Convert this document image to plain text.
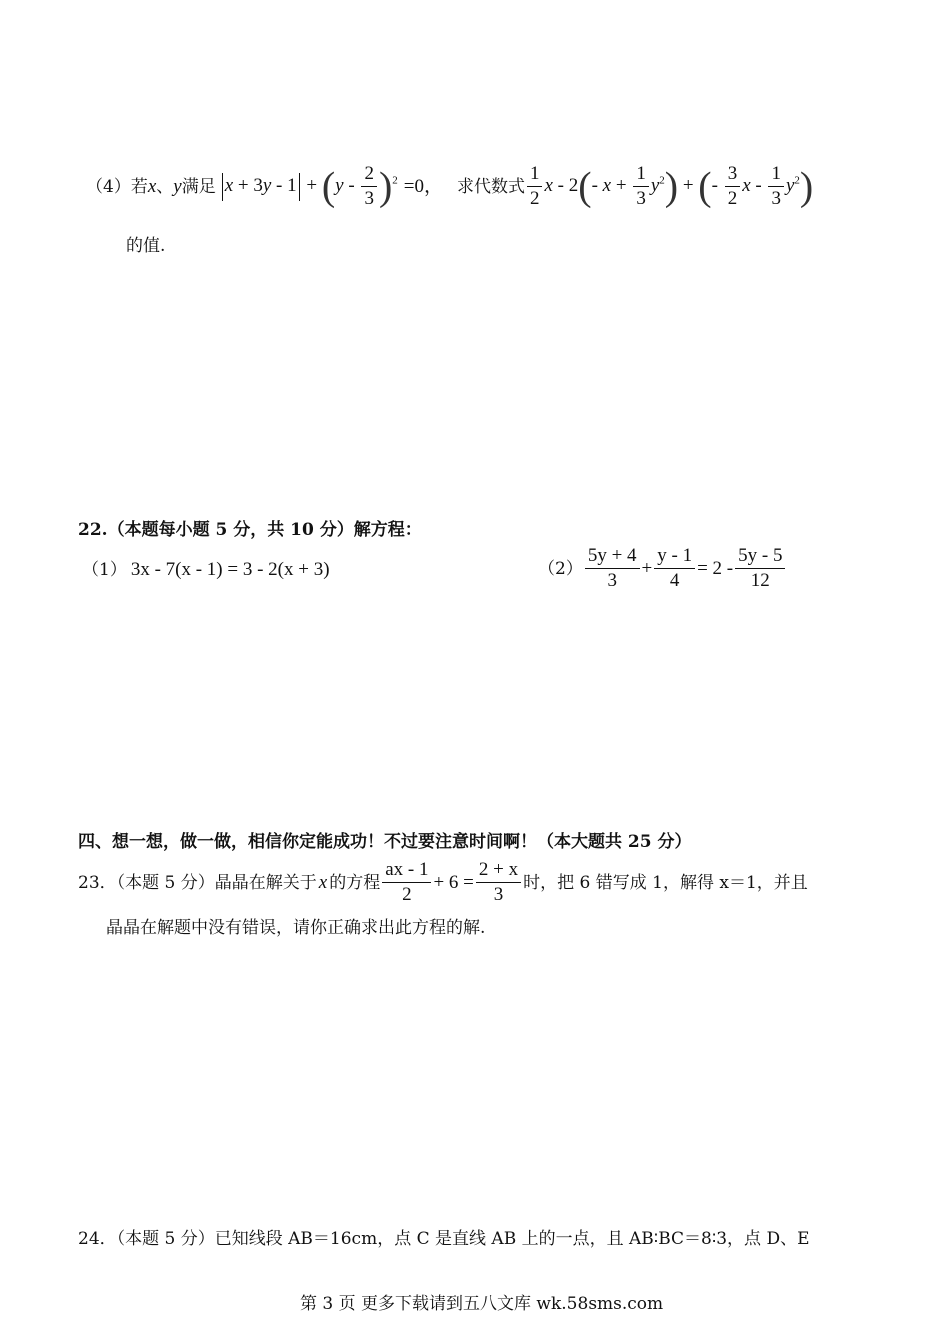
（4）若 x 、 y 满足 $x + 3y - 1 + (y - \frac{2}{3} )^2 =0$， 求代数式 $\frac{1}{2}$ x - 2(- $x + \frac{1}{3} y^2$) + (- $\frac{3}{2}$ x - $\frac{1}{3} y^2$)
的值.
22.（本题每小题 5 分，共 10 分）解方程：
（1） 3x - 7(x - 1) = 3 - 2(x + 3)	$(2) \frac{5y + 4}{3} + \frac{y - 1}{4} = 2 - \frac{5y - 5}{12}$
四、想一想，做一做，相信你定能成功！不过要注意时间啊！（本大题共 25 分）
23．（本题 5 分）晶晶在解关于 x 的方程 $\frac{ax - 1}{2} + 6 = \frac{2 + x}{3}$ 时，把 6 错写成 1，解得 x＝1，并且
晶晶在解题中没有错误，请你正确求出此方程的解.
24．（本题 5 分）已知线段 AB＝16cm，点 C 是直线 AB 上的一点，且 AB∶BC＝8∶3，点 D、E
第 3 页 更多下载请到五八文库 wk.58sms.com
